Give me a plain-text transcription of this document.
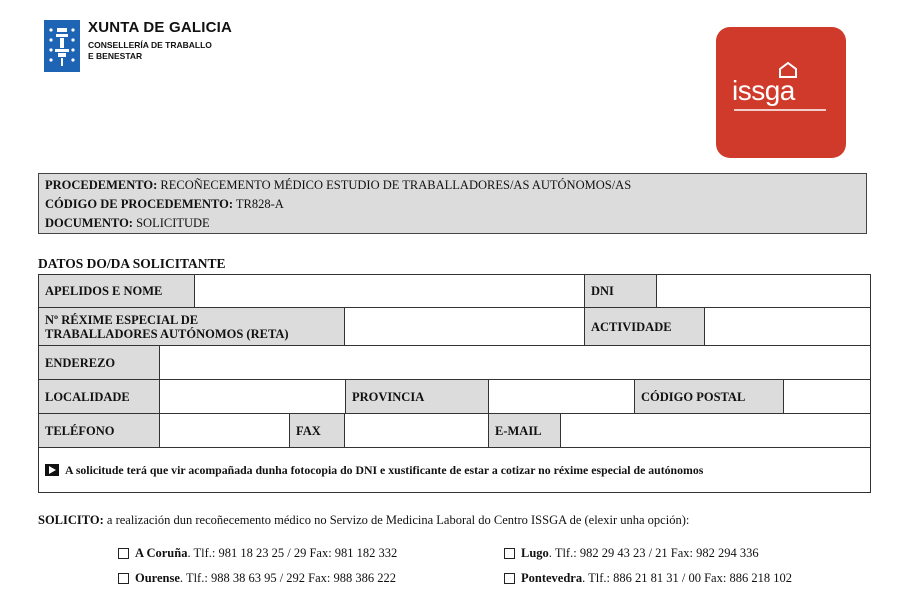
XUNTA DE GALICIA
CONSELLERÍA DE TRABALLO
E BENESTAR
issga
PROCEDEMENTO: RECOÑECEMENTO MÉDICO ESTUDIO DE TRABALLADORES/AS AUTÓNOMOS/AS
CÓDIGO DE PROCEDEMENTO: TR828-A
DOCUMENTO: SOLICITUDE
DATOS DO/DA SOLICITANTE
APELIDOS E NOME	DNI
Nº RÉXIME ESPECIAL DE
TRABALLADORES AUTÓNOMOS (RETA)	ACTIVIDADE
ENDEREZO
LOCALIDADE	PROVINCIA	CÓDIGO POSTAL
TELÉFONO	FAX	E-MAIL
A solicitude terá que vir acompañada dunha fotocopia do DNI e xustificante de estar a cotizar no réxime especial de autónomos
SOLICITO: a realización dun recoñecemento médico no Servizo de Medicina Laboral do Centro ISSGA de (elexir unha opción):
A Coruña . Tlf.: 981 18 23 25 / 29 Fax: 981 182 332	Lugo . Tlf.: 982 29 43 23 / 21 Fax: 982 294 336
Ourense . Tlf.: 988 38 63 95 / 292 Fax: 988 386 222	Pontevedra . Tlf.: 886 21 81 31 / 00 Fax: 886 218 102
